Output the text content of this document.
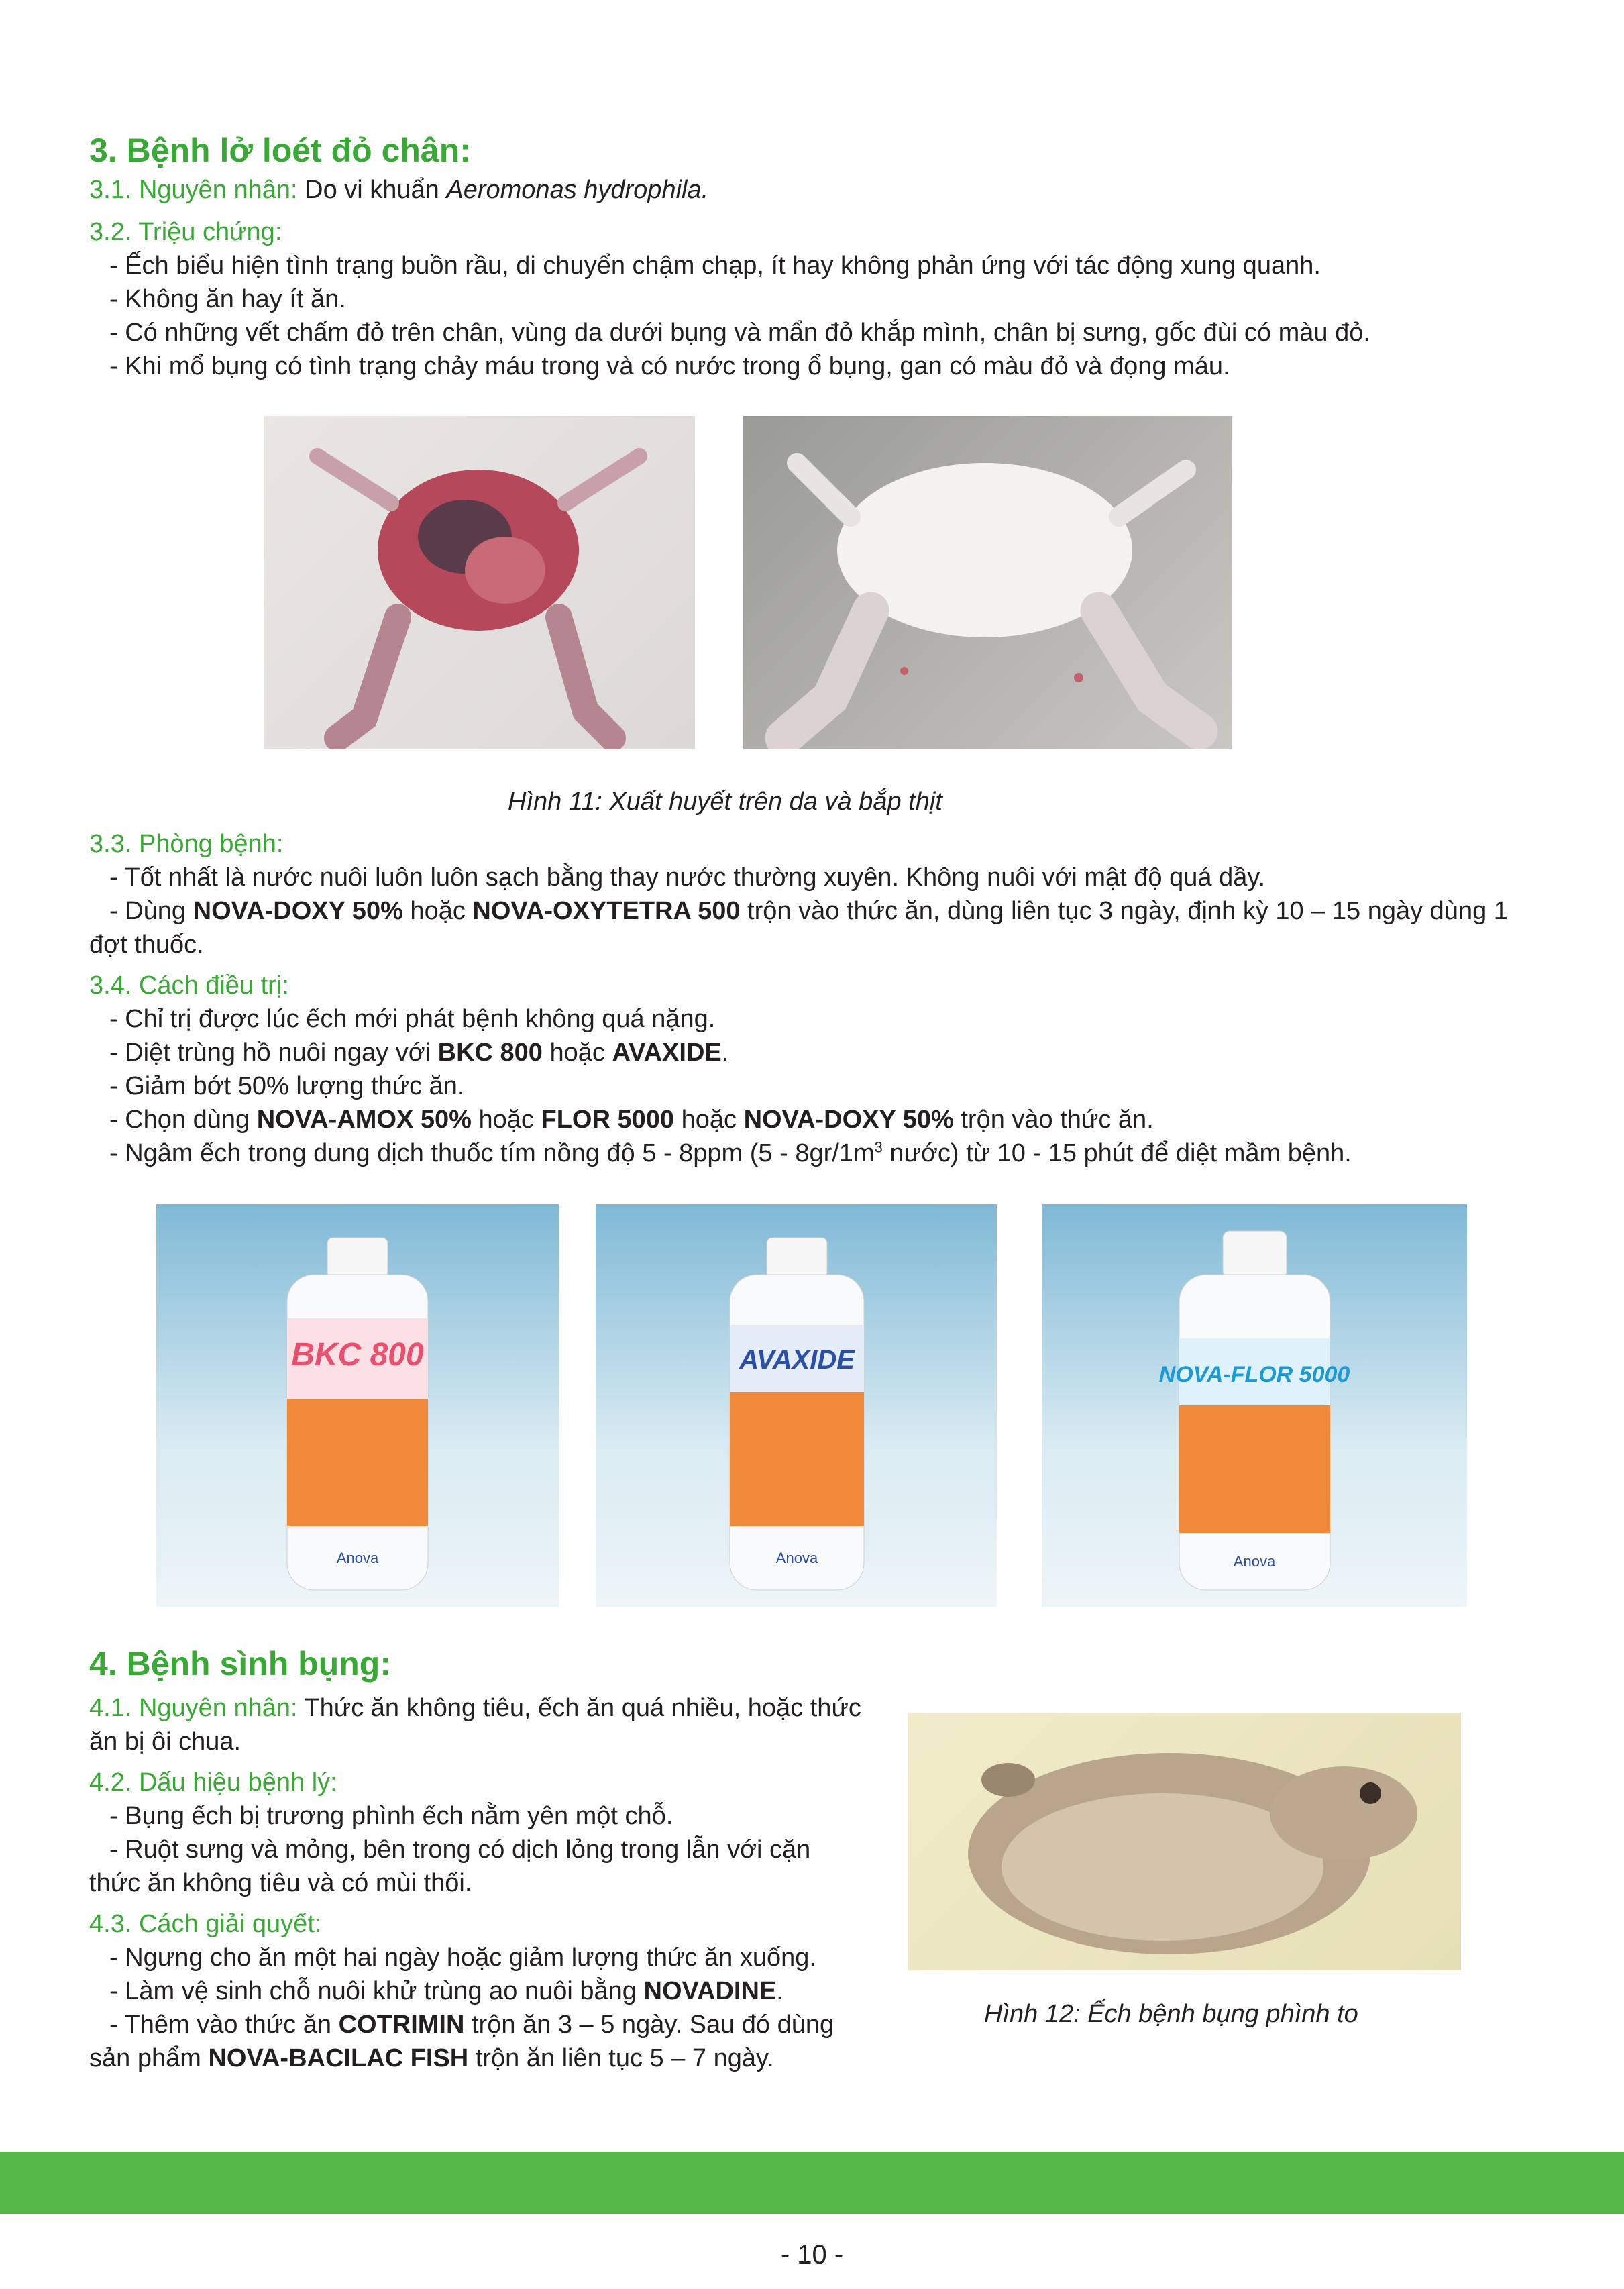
3. Bệnh lở loét đỏ chân:
3.1. Nguyên nhân: Do vi khuẩn Aeromonas hydrophila.
3.2. Triệu chứng:
- Ếch biểu hiện tình trạng buồn rầu, di chuyển chậm chạp, ít hay không phản ứng với tác động xung quanh.
- Không ăn hay ít ăn.
- Có những vết chấm đỏ trên chân, vùng da dưới bụng và mẩn đỏ khắp mình, chân bị sưng, gốc đùi có màu đỏ.
- Khi mổ bụng có tình trạng chảy máu trong và có nước trong ổ bụng, gan có màu đỏ và đọng máu.
Hình 11: Xuất huyết trên da và bắp thịt
3.3. Phòng bệnh:
- Tốt nhất là nước nuôi luôn luôn sạch bằng thay nước thường xuyên. Không nuôi với mật độ quá dầy.
- Dùng NOVA-DOXY 50% hoặc NOVA-OXYTETRA 500 trộn vào thức ăn, dùng liên tục 3 ngày, định kỳ 10 – 15 ngày dùng 1
đợt thuốc.
3.4. Cách điều trị:
- Chỉ trị được lúc ếch mới phát bệnh không quá nặng.
- Diệt trùng hồ nuôi ngay với BKC 800 hoặc AVAXIDE.
- Giảm bớt 50% lượng thức ăn.
- Chọn dùng NOVA-AMOX 50% hoặc FLOR 5000 hoặc NOVA-DOXY 50% trộn vào thức ăn.
- Ngâm ếch trong dung dịch thuốc tím nồng độ 5 - 8ppm ($5 - 8gr/1m^3$ nước) từ 10 - 15 phút để diệt mầm bệnh.
BKC 800
Anova
AVAXIDE
Anova
NOVA-FLOR 5000
Anova
4. Bệnh sình bụng:
4.1. Nguyên nhân: Thức ăn không tiêu, ếch ăn quá nhiều, hoặc thức
ăn bị ôi chua.
4.2. Dấu hiệu bệnh lý:
- Bụng ếch bị trương phình ếch nằm yên một chỗ.
- Ruột sưng và mỏng, bên trong có dịch lỏng trong lẫn với cặn
thức ăn không tiêu và có mùi thối.
4.3. Cách giải quyết:
- Ngưng cho ăn một hai ngày hoặc giảm lượng thức ăn xuống.
- Làm vệ sinh chỗ nuôi khử trùng ao nuôi bằng NOVADINE.
- Thêm vào thức ăn COTRIMIN trộn ăn 3 – 5 ngày. Sau đó dùng
sản phẩm NOVA-BACILAC FISH trộn ăn liên tục 5 – 7 ngày.
Hình 12: Ếch bệnh bụng phình to
- 10 -
